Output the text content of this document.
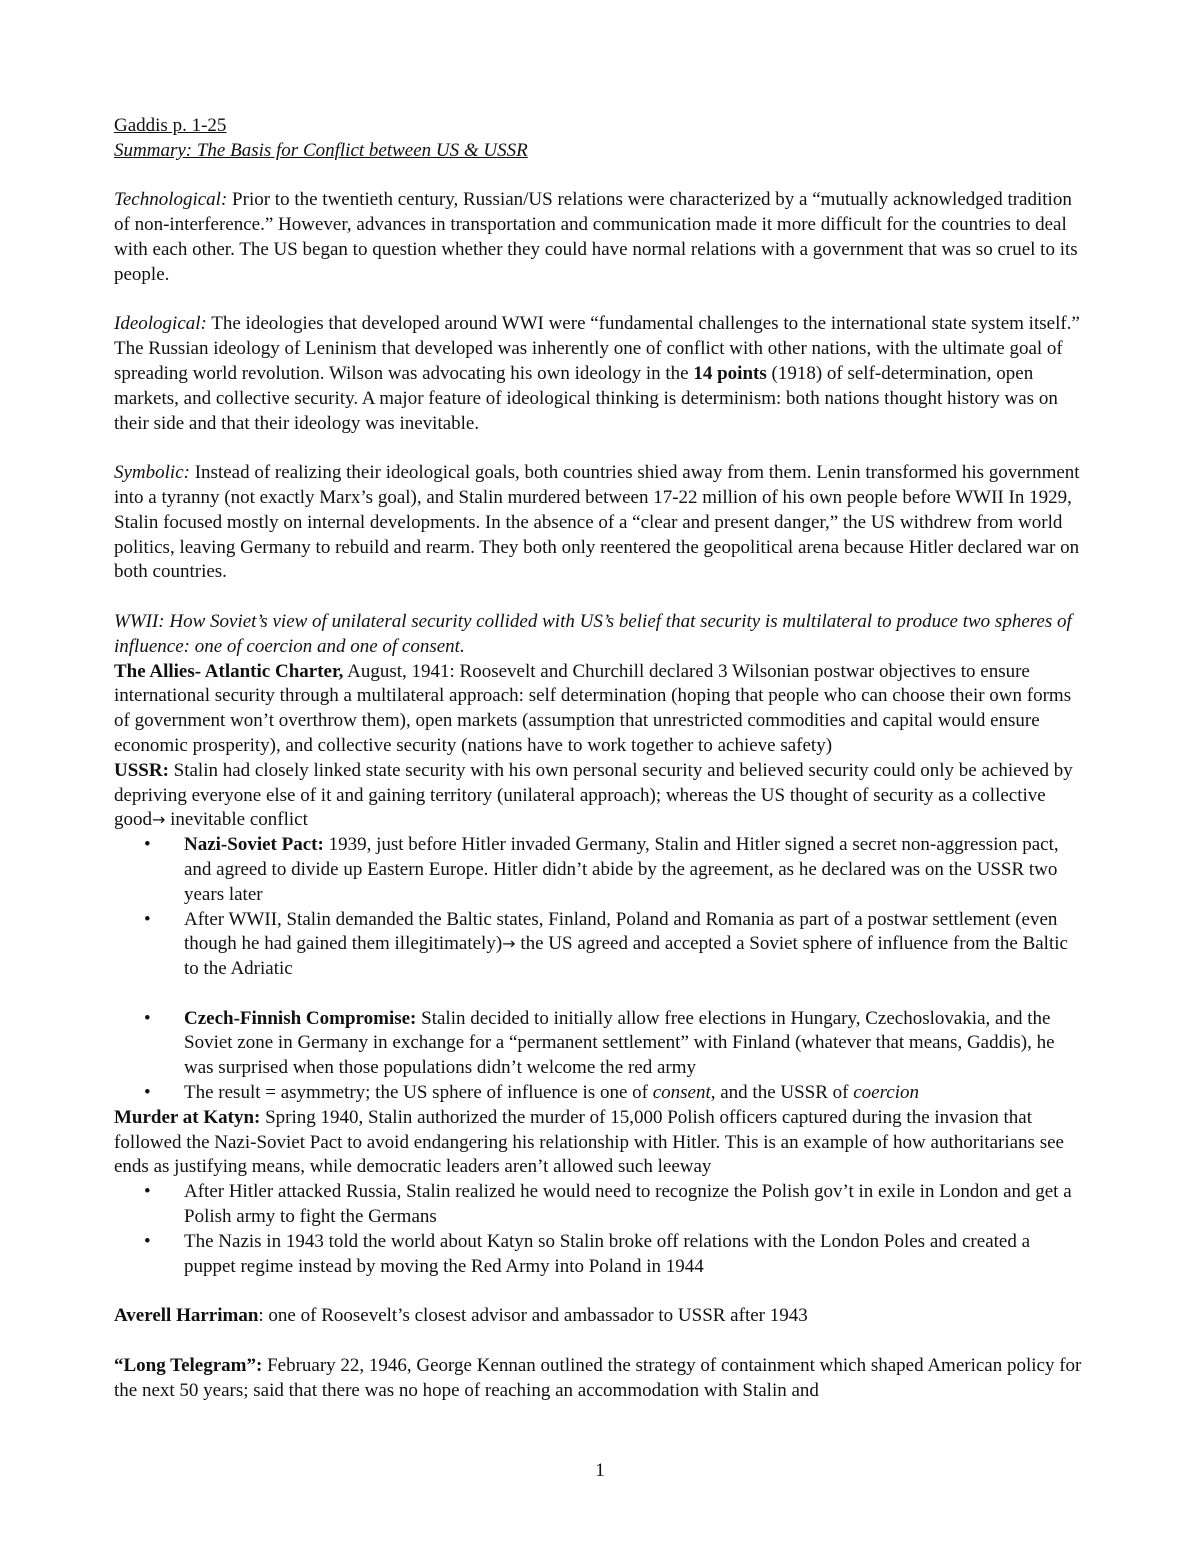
Gaddis p. 1-25

Summary: The Basis for Conflict between US & USSR

Technological: Prior to the twentieth century, Russian/US relations were characterized by a “mutually acknowledged tradition of non-interference.” However, advances in transportation and communication made it more difficult for the countries to deal with each other. The US began to question whether they could have normal relations with a government that was so cruel to its people.

Ideological: The ideologies that developed around WWI were “fundamental challenges to the international state system itself.” The Russian ideology of Leninism that developed was inherently one of conflict with other nations, with the ultimate goal of spreading world revolution. Wilson was advocating his own ideology in the 14 points (1918) of self-determination, open markets, and collective security. A major feature of ideological thinking is determinism: both nations thought history was on their side and that their ideology was inevitable.

Symbolic: Instead of realizing their ideological goals, both countries shied away from them. Lenin transformed his government into a tyranny (not exactly Marx’s goal), and Stalin murdered between 17-22 million of his own people before WWII In 1929, Stalin focused mostly on internal developments. In the absence of a “clear and present danger,” the US withdrew from world politics, leaving Germany to rebuild and rearm. They both only reentered the geopolitical arena because Hitler declared war on both countries.

WWII: How Soviet’s view of unilateral security collided with US’s belief that security is multilateral to produce two spheres of influence: one of coercion and one of consent.

The Allies- Atlantic Charter, August, 1941: Roosevelt and Churchill declared 3 Wilsonian postwar objectives to ensure international security through a multilateral approach: self determination (hoping that people who can choose their own forms of government won’t overthrow them), open markets (assumption that unrestricted commodities and capital would ensure economic prosperity), and collective security (nations have to work together to achieve safety)

USSR: Stalin had closely linked state security with his own personal security and believed security could only be achieved by depriving everyone else of it and gaining territory (unilateral approach); whereas the US thought of security as a collective good→ inevitable conflict

• Nazi-Soviet Pact: 1939, just before Hitler invaded Germany, Stalin and Hitler signed a secret non-aggression pact, and agreed to divide up Eastern Europe. Hitler didn’t abide by the agreement, as he declared was on the USSR two years later
• After WWII, Stalin demanded the Baltic states, Finland, Poland and Romania as part of a postwar settlement (even though he had gained them illegitimately)→ the US agreed and accepted a Soviet sphere of influence from the Baltic to the Adriatic
• Czech-Finnish Compromise: Stalin decided to initially allow free elections in Hungary, Czechoslovakia, and the Soviet zone in Germany in exchange for a “permanent settlement” with Finland (whatever that means, Gaddis), he was surprised when those populations didn’t welcome the red army
• The result = asymmetry; the US sphere of influence is one of consent, and the USSR of coercion

Murder at Katyn: Spring 1940, Stalin authorized the murder of 15,000 Polish officers captured during the invasion that followed the Nazi-Soviet Pact to avoid endangering his relationship with Hitler. This is an example of how authoritarians see ends as justifying means, while democratic leaders aren’t allowed such leeway

• After Hitler attacked Russia, Stalin realized he would need to recognize the Polish gov’t in exile in London and get a Polish army to fight the Germans
• The Nazis in 1943 told the world about Katyn so Stalin broke off relations with the London Poles and created a puppet regime instead by moving the Red Army into Poland in 1944

Averell Harriman: one of Roosevelt’s closest advisor and ambassador to USSR after 1943

“Long Telegram”: February 22, 1946, George Kennan outlined the strategy of containment which shaped American policy for the next 50 years; said that there was no hope of reaching an accommodation with Stalin and

1
